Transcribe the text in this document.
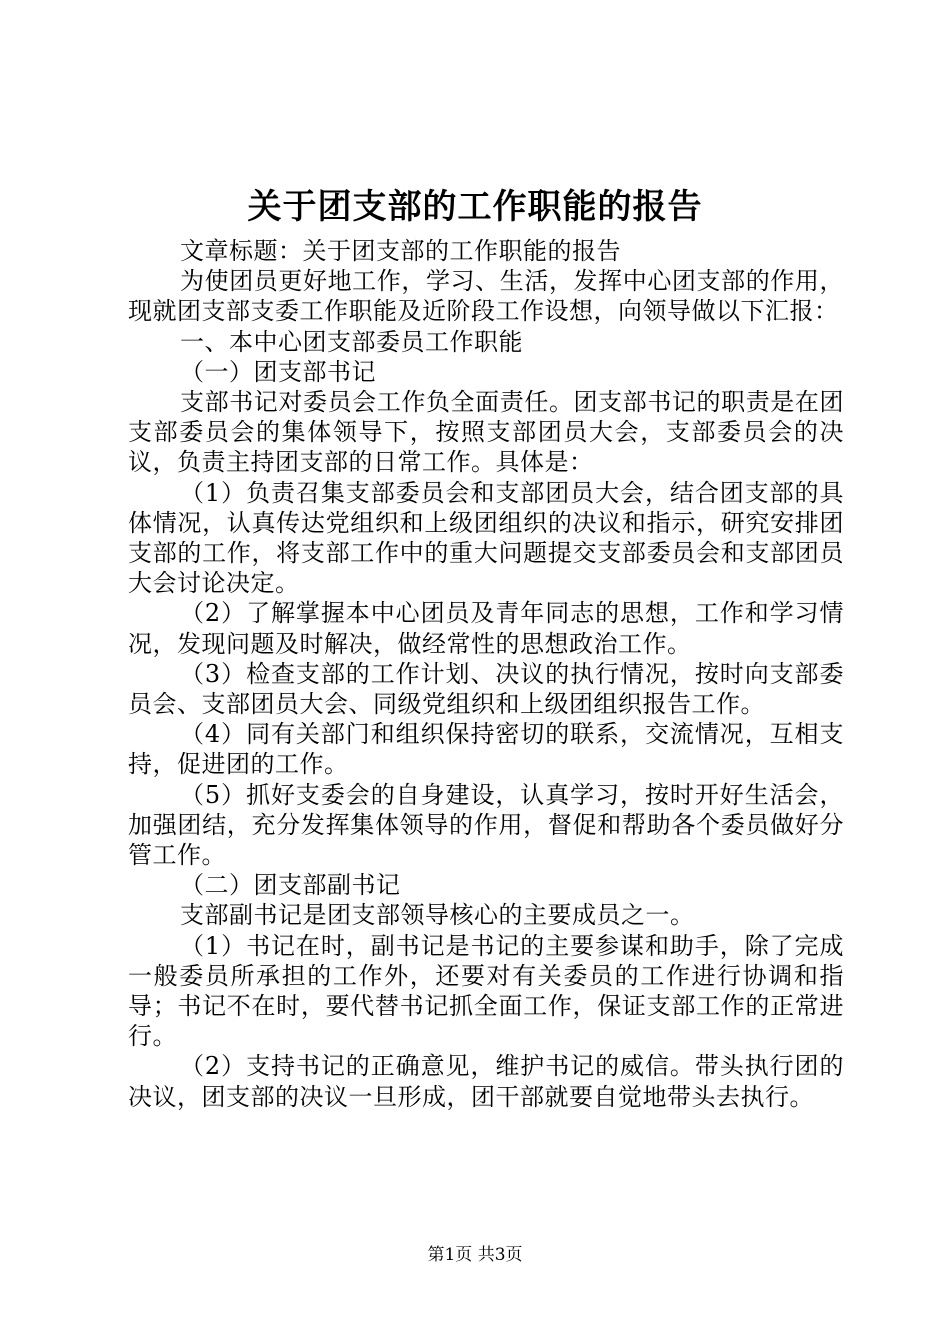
关于团支部的工作职能的报告

文章标题：关于团支部的工作职能的报告

为使团员更好地工作，学习、生活，发挥中心团支部的作用，现就团支部支委工作职能及近阶段工作设想，向领导做以下汇报：

一、本中心团支部委员工作职能

（一）团支部书记

支部书记对委员会工作负全面责任。团支部书记的职责是在团支部委员会的集体领导下，按照支部团员大会，支部委员会的决议，负责主持团支部的日常工作。具体是：

（1）负责召集支部委员会和支部团员大会，结合团支部的具体情况，认真传达党组织和上级团组织的决议和指示，研究安排团支部的工作，将支部工作中的重大问题提交支部委员会和支部团员大会讨论决定。

（2）了解掌握本中心团员及青年同志的思想，工作和学习情况，发现问题及时解决，做经常性的思想政治工作。

（3）检查支部的工作计划、决议的执行情况，按时向支部委员会、支部团员大会、同级党组织和上级团组织报告工作。

（4）同有关部门和组织保持密切的联系，交流情况，互相支持，促进团的工作。

（5）抓好支委会的自身建设，认真学习，按时开好生活会，加强团结，充分发挥集体领导的作用，督促和帮助各个委员做好分管工作。

（二）团支部副书记

支部副书记是团支部领导核心的主要成员之一。

（1）书记在时，副书记是书记的主要参谋和助手，除了完成一般委员所承担的工作外，还要对有关委员的工作进行协调和指导；书记不在时，要代替书记抓全面工作，保证支部工作的正常进行。

（2）支持书记的正确意见，维护书记的威信。带头执行团的决议，团支部的决议一旦形成，团干部就要自觉地带头去执行。

第1页 共3页
